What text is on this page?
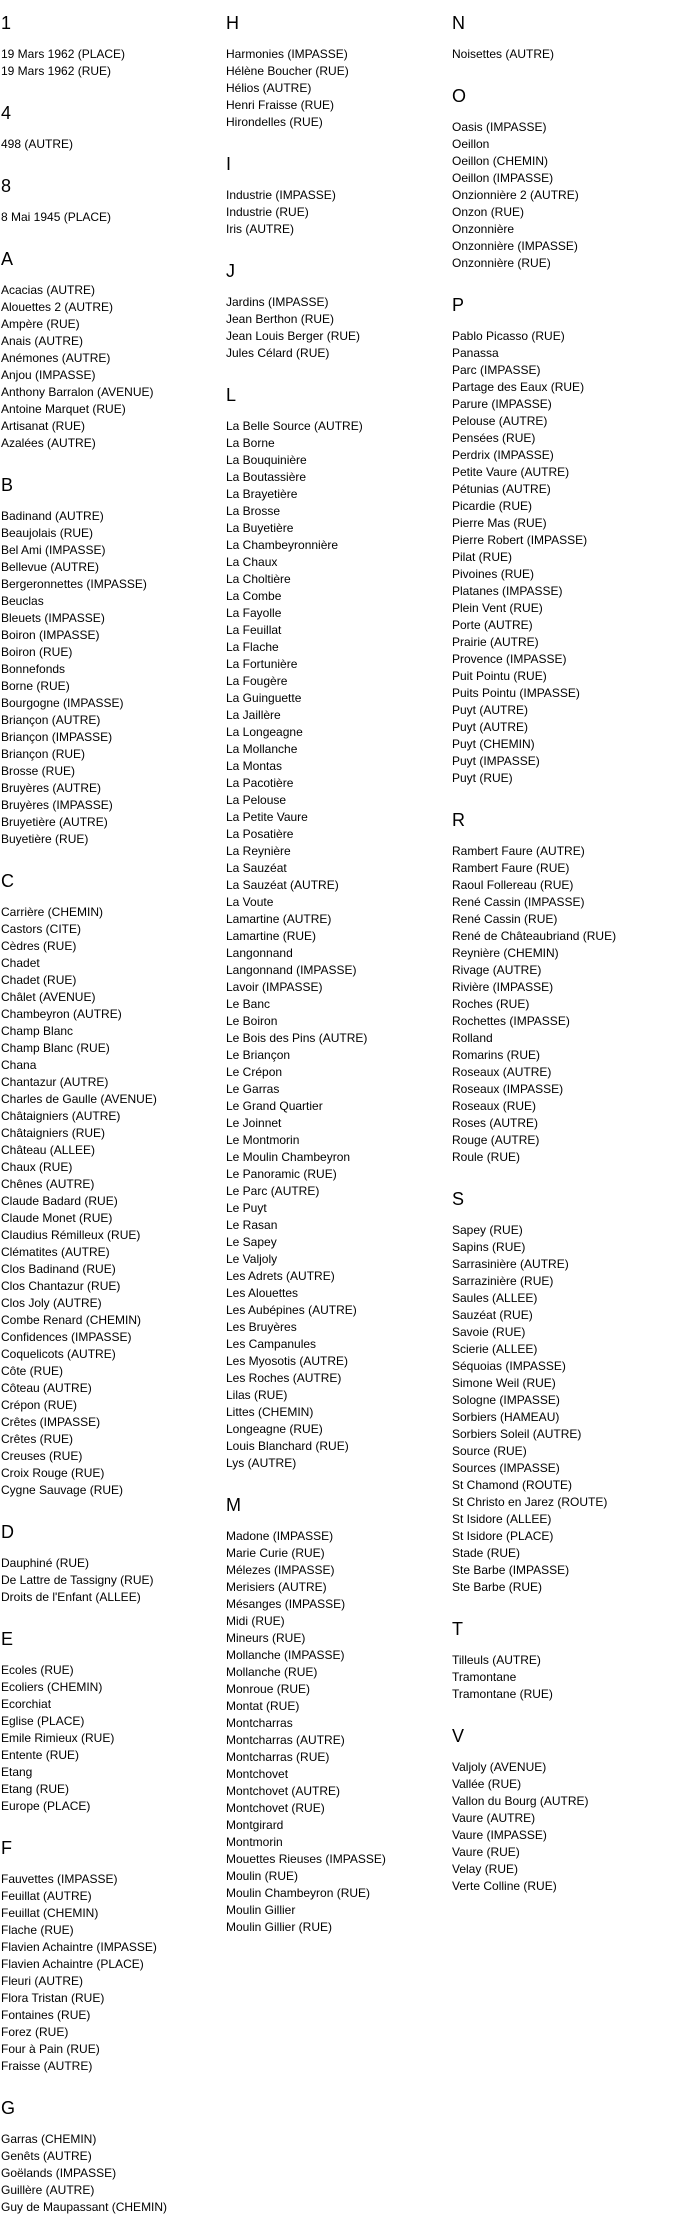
1
19 Mars 1962 (PLACE)
19 Mars 1962 (RUE)
4
498 (AUTRE)
8
8 Mai 1945 (PLACE)
A
Acacias (AUTRE)
Alouettes 2 (AUTRE)
Ampère (RUE)
Anais (AUTRE)
Anémones (AUTRE)
Anjou (IMPASSE)
Anthony Barralon (AVENUE)
Antoine Marquet (RUE)
Artisanat (RUE)
Azalées (AUTRE)
B
Badinand (AUTRE)
Beaujolais (RUE)
Bel Ami (IMPASSE)
Bellevue (AUTRE)
Bergeronnettes (IMPASSE)
Beuclas
Bleuets (IMPASSE)
Boiron (IMPASSE)
Boiron (RUE)
Bonnefonds
Borne (RUE)
Bourgogne (IMPASSE)
Briançon (AUTRE)
Briançon (IMPASSE)
Briançon (RUE)
Brosse (RUE)
Bruyères (AUTRE)
Bruyères (IMPASSE)
Bruyetière (AUTRE)
Buyetière (RUE)
C
Carrière (CHEMIN)
Castors (CITE)
Cèdres (RUE)
Chadet
Chadet (RUE)
Châlet (AVENUE)
Chambeyron (AUTRE)
Champ Blanc
Champ Blanc (RUE)
Chana
Chantazur (AUTRE)
Charles de Gaulle (AVENUE)
Châtaigniers (AUTRE)
Châtaigniers (RUE)
Château (ALLEE)
Chaux (RUE)
Chênes (AUTRE)
Claude Badard (RUE)
Claude Monet (RUE)
Claudius Rémilleux (RUE)
Clématites (AUTRE)
Clos Badinand (RUE)
Clos Chantazur (RUE)
Clos Joly (AUTRE)
Combe Renard (CHEMIN)
Confidences (IMPASSE)
Coquelicots (AUTRE)
Côte (RUE)
Côteau (AUTRE)
Crépon (RUE)
Crêtes (IMPASSE)
Crêtes (RUE)
Creuses (RUE)
Croix Rouge (RUE)
Cygne Sauvage (RUE)
D
Dauphiné (RUE)
De Lattre de Tassigny (RUE)
Droits de l'Enfant (ALLEE)
E
Ecoles (RUE)
Ecoliers (CHEMIN)
Ecorchiat
Eglise (PLACE)
Emile Rimieux (RUE)
Entente (RUE)
Etang
Etang (RUE)
Europe (PLACE)
F
Fauvettes (IMPASSE)
Feuillat (AUTRE)
Feuillat (CHEMIN)
Flache (RUE)
Flavien Achaintre (IMPASSE)
Flavien Achaintre (PLACE)
Fleuri (AUTRE)
Flora Tristan (RUE)
Fontaines (RUE)
Forez (RUE)
Four à Pain (RUE)
Fraisse (AUTRE)
G
Garras (CHEMIN)
Genêts (AUTRE)
Goëlands (IMPASSE)
Guillère (AUTRE)
Guy de Maupassant (CHEMIN)
H
Harmonies (IMPASSE)
Hélène Boucher (RUE)
Hélios (AUTRE)
Henri Fraisse (RUE)
Hirondelles (RUE)
I
Industrie (IMPASSE)
Industrie (RUE)
Iris (AUTRE)
J
Jardins (IMPASSE)
Jean Berthon (RUE)
Jean Louis Berger (RUE)
Jules Célard (RUE)
L
La Belle Source (AUTRE)
La Borne
La Bouquinière
La Boutassière
La Brayetière
La Brosse
La Buyetière
La Chambeyronnière
La Chaux
La Choltière
La Combe
La Fayolle
La Feuillat
La Flache
La Fortunière
La Fougère
La Guinguette
La Jaillère
La Longeagne
La Mollanche
La Montas
La Pacotière
La Pelouse
La Petite Vaure
La Posatière
La Reynière
La Sauzéat
La Sauzéat (AUTRE)
La Voute
Lamartine (AUTRE)
Lamartine (RUE)
Langonnand
Langonnand (IMPASSE)
Lavoir (IMPASSE)
Le Banc
Le Boiron
Le Bois des Pins (AUTRE)
Le Briançon
Le Crépon
Le Garras
Le Grand Quartier
Le Joinnet
Le Montmorin
Le Moulin Chambeyron
Le Panoramic (RUE)
Le Parc (AUTRE)
Le Puyt
Le Rasan
Le Sapey
Le Valjoly
Les Adrets (AUTRE)
Les Alouettes
Les Aubépines (AUTRE)
Les Bruyères
Les Campanules
Les Myosotis (AUTRE)
Les Roches (AUTRE)
Lilas (RUE)
Littes (CHEMIN)
Longeagne (RUE)
Louis Blanchard (RUE)
Lys (AUTRE)
M
Madone (IMPASSE)
Marie Curie (RUE)
Mélezes (IMPASSE)
Merisiers (AUTRE)
Mésanges (IMPASSE)
Midi (RUE)
Mineurs (RUE)
Mollanche (IMPASSE)
Mollanche (RUE)
Monroue (RUE)
Montat (RUE)
Montcharras
Montcharras (AUTRE)
Montcharras (RUE)
Montchovet
Montchovet (AUTRE)
Montchovet (RUE)
Montgirard
Montmorin
Mouettes Rieuses (IMPASSE)
Moulin (RUE)
Moulin Chambeyron (RUE)
Moulin Gillier
Moulin Gillier (RUE)
N
Noisettes (AUTRE)
O
Oasis (IMPASSE)
Oeillon
Oeillon (CHEMIN)
Oeillon (IMPASSE)
Onzionnière 2 (AUTRE)
Onzon (RUE)
Onzonnière
Onzonnière (IMPASSE)
Onzonnière (RUE)
P
Pablo Picasso (RUE)
Panassa
Parc (IMPASSE)
Partage des Eaux (RUE)
Parure (IMPASSE)
Pelouse (AUTRE)
Pensées (RUE)
Perdrix (IMPASSE)
Petite Vaure (AUTRE)
Pétunias (AUTRE)
Picardie (RUE)
Pierre Mas (RUE)
Pierre Robert (IMPASSE)
Pilat (RUE)
Pivoines (RUE)
Platanes (IMPASSE)
Plein Vent (RUE)
Porte (AUTRE)
Prairie (AUTRE)
Provence (IMPASSE)
Puit Pointu (RUE)
Puits Pointu (IMPASSE)
Puyt (AUTRE)
Puyt (AUTRE)
Puyt (CHEMIN)
Puyt (IMPASSE)
Puyt (RUE)
R
Rambert Faure (AUTRE)
Rambert Faure (RUE)
Raoul Follereau (RUE)
René Cassin (IMPASSE)
René Cassin (RUE)
René de Châteaubriand (RUE)
Reynière (CHEMIN)
Rivage (AUTRE)
Rivière (IMPASSE)
Roches (RUE)
Rochettes (IMPASSE)
Rolland
Romarins (RUE)
Roseaux (AUTRE)
Roseaux (IMPASSE)
Roseaux (RUE)
Roses (AUTRE)
Rouge (AUTRE)
Roule (RUE)
S
Sapey (RUE)
Sapins (RUE)
Sarrasinière (AUTRE)
Sarrazinière (RUE)
Saules (ALLEE)
Sauzéat (RUE)
Savoie (RUE)
Scierie (ALLEE)
Séquoias (IMPASSE)
Simone Weil (RUE)
Sologne (IMPASSE)
Sorbiers (HAMEAU)
Sorbiers Soleil (AUTRE)
Source (RUE)
Sources (IMPASSE)
St Chamond (ROUTE)
St Christo en Jarez (ROUTE)
St Isidore (ALLEE)
St Isidore (PLACE)
Stade (RUE)
Ste Barbe (IMPASSE)
Ste Barbe (RUE)
T
Tilleuls (AUTRE)
Tramontane
Tramontane (RUE)
V
Valjoly (AVENUE)
Vallée (RUE)
Vallon du Bourg (AUTRE)
Vaure (AUTRE)
Vaure (IMPASSE)
Vaure (RUE)
Velay (RUE)
Verte Colline (RUE)
